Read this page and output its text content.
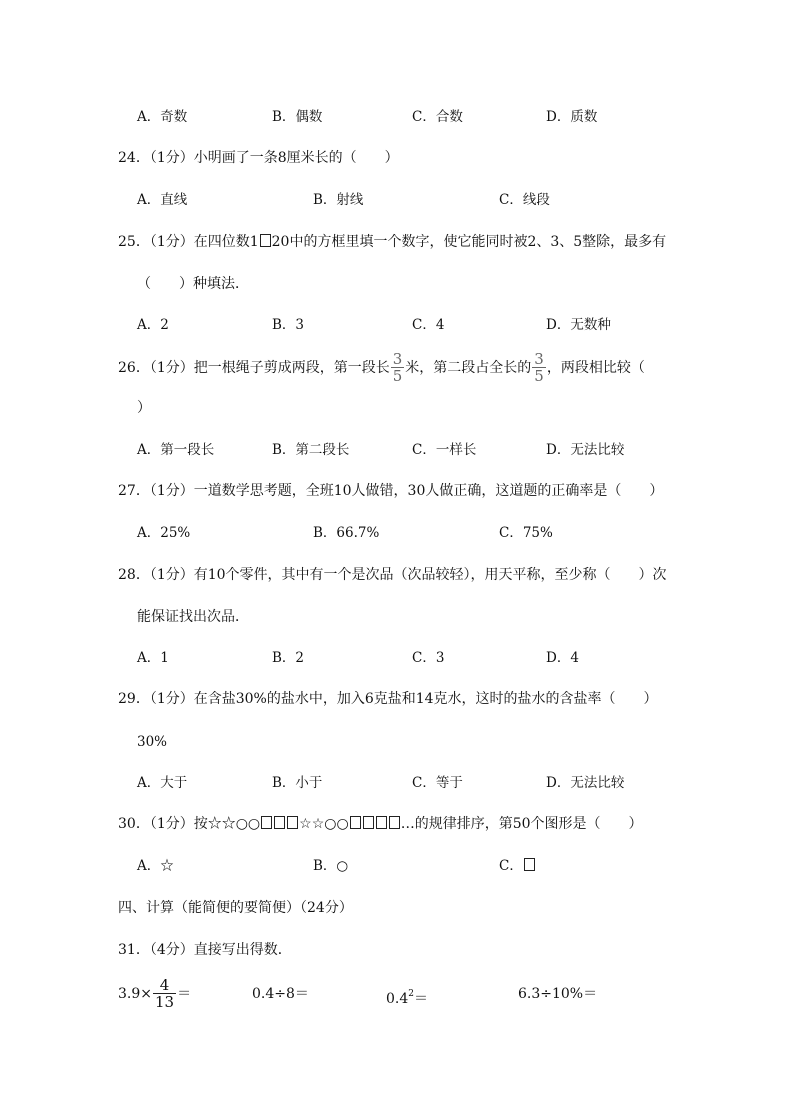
A．奇数	B．偶数	C．合数	D．质数
24．（1分）小明画了一条8厘米长的（　　）
A．直线	B．射线	C．线段
25．（1分）在四位数1 20中的方框里填一个数字，使它能同时被2、3、5整除，最多有
（　　）种填法．
A．2	B．3	C．4	D．无数种
26．（1分）把一根绳子剪成两段，第一段长 $\frac{3}{5}$ 米，第二段占全长的 $\frac{3}{5}$ ，两段相比较（
）
A．第一段长	B．第二段长	C．一样长	D．无法比较
27．（1分）一道数学思考题，全班10人做错，30人做正确，这道题的正确率是（　　）
A．25%	B．66.7%	C．75%
28．（1分）有10个零件，其中有一个是次品（次品较轻），用天平称，至少称（　　）次
能保证找出次品．
A．1	B．2	C．3	D．4
29．（1分）在含盐30%的盐水中，加入6克盐和14克水，这时的盐水的含盐率（　　）
30%
A．大于	B．小于	C．等于	D．无法比较
30．（1分）按☆☆○○	☆☆○○	…的规律排序，第50个图形是（　　）
A．☆	B．○	C．
四、计算（能简便的要简便）（24分）
31．（4分）直接写出得数．
$3.9\times \frac{4}{13}$ ＝	0.4÷8＝	$0.4^2=$	6.3÷10%＝
